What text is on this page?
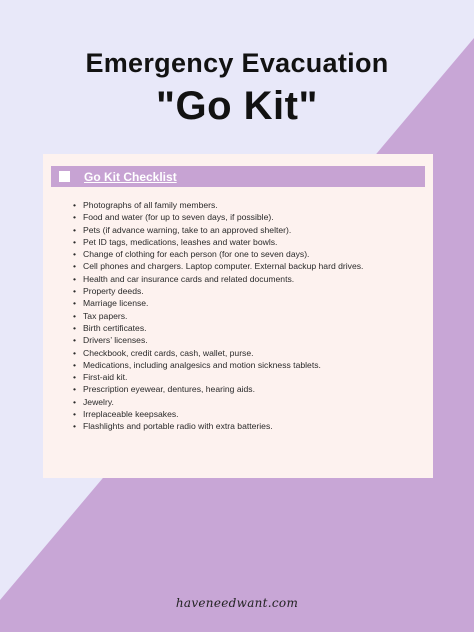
Emergency Evacuation
"Go Kit"
Go Kit Checklist
• Photographs of all family members.
• Food and water (for up to seven days, if possible).
• Pets (if advance warning, take to an approved shelter).
• Pet ID tags, medications, leashes and water bowls.
• Change of clothing for each person (for one to seven days).
• Cell phones and chargers. Laptop computer. External backup hard drives.
• Health and car insurance cards and related documents.
• Property deeds.
• Marriage license.
• Tax papers.
• Birth certificates.
• Drivers’ licenses.
• Checkbook, credit cards, cash, wallet, purse.
• Medications, including analgesics and motion sickness tablets.
• First-aid kit.
• Prescription eyewear, dentures, hearing aids.
• Jewelry.
• Irreplaceable keepsakes.
• Flashlights and portable radio with extra batteries.
haveneedwant.com
